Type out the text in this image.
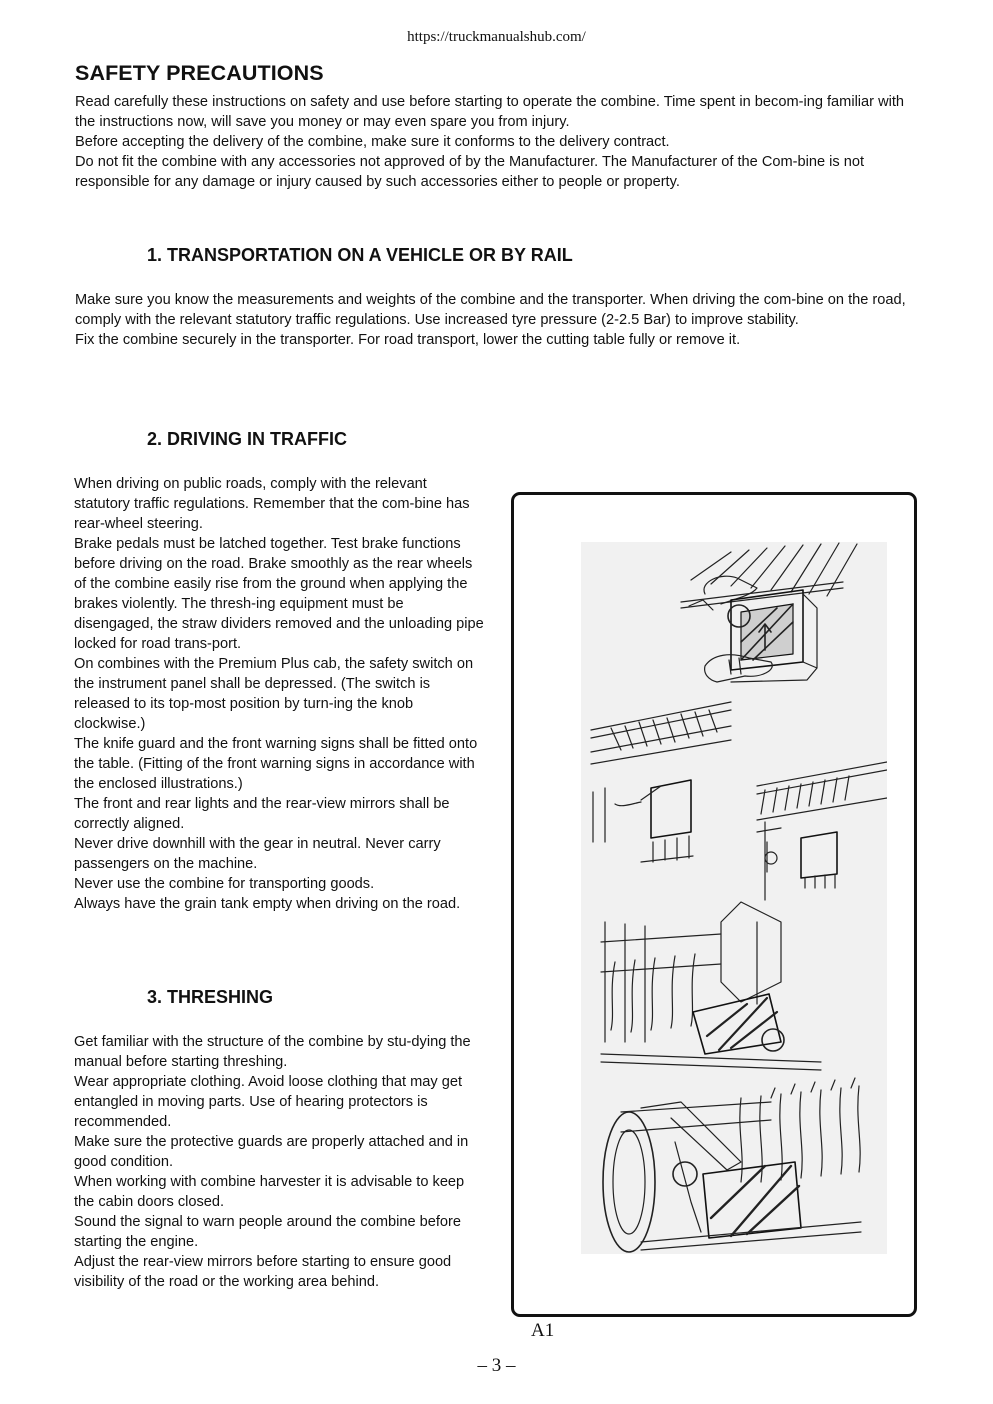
https://truckmanualshub.com/
SAFETY PRECAUTIONS

Read carefully these instructions on safety and use before starting to operate the combine. Time spent in becom-ing familiar with the instructions now, will save you money or may even spare you from injury.

Before accepting the delivery of the combine, make sure it conforms to the delivery contract.

Do not fit the combine with any accessories not approved of by the Manufacturer. The Manufacturer of the Com-bine is not responsible for any damage or injury caused by such accessories either to people or property.

1. TRANSPORTATION ON A VEHICLE OR BY RAIL

Make sure you know the measurements and weights of the combine and the transporter. When driving the com-bine on the road, comply with the relevant statutory traffic regulations. Use increased tyre pressure (2-2.5 Bar) to improve stability.

Fix the combine securely in the transporter. For road transport, lower the cutting table fully or remove it.

2. DRIVING IN TRAFFIC

When driving on public roads, comply with the relevant statutory traffic regulations. Remember that the com-bine has rear-wheel steering.

Brake pedals must be latched together. Test brake functions before driving on the road. Brake smoothly as the rear wheels of the combine easily rise from the ground when applying the brakes violently. The thresh-ing equipment must be disengaged, the straw dividers removed and the unloading pipe locked for road trans-port.

On combines with the Premium Plus cab, the safety switch on the instrument panel shall be depressed. (The switch is released to its top-most position by turn-ing the knob clockwise.)

The knife guard and the front warning signs shall be fitted onto the table. (Fitting of the front warning signs in accordance with the enclosed illustrations.)

The front and rear lights and the rear-view mirrors shall be correctly aligned.

Never drive downhill with the gear in neutral. Never carry passengers on the machine.

Never use the combine for transporting goods.

Always have the grain tank empty when driving on the road.

3. THRESHING

Get familiar with the structure of the combine by stu-dying the manual before starting threshing.

Wear appropriate clothing. Avoid loose clothing that may get entangled in moving parts. Use of hearing protectors is recommended.

Make sure the protective guards are properly attached and in good condition.

When working with combine harvester it is advisable to keep the cabin doors closed.

Sound the signal to warn people around the combine before starting the engine.

Adjust the rear-view mirrors before starting to ensure good visibility of the road or the working area behind.

A1
– 3 –
